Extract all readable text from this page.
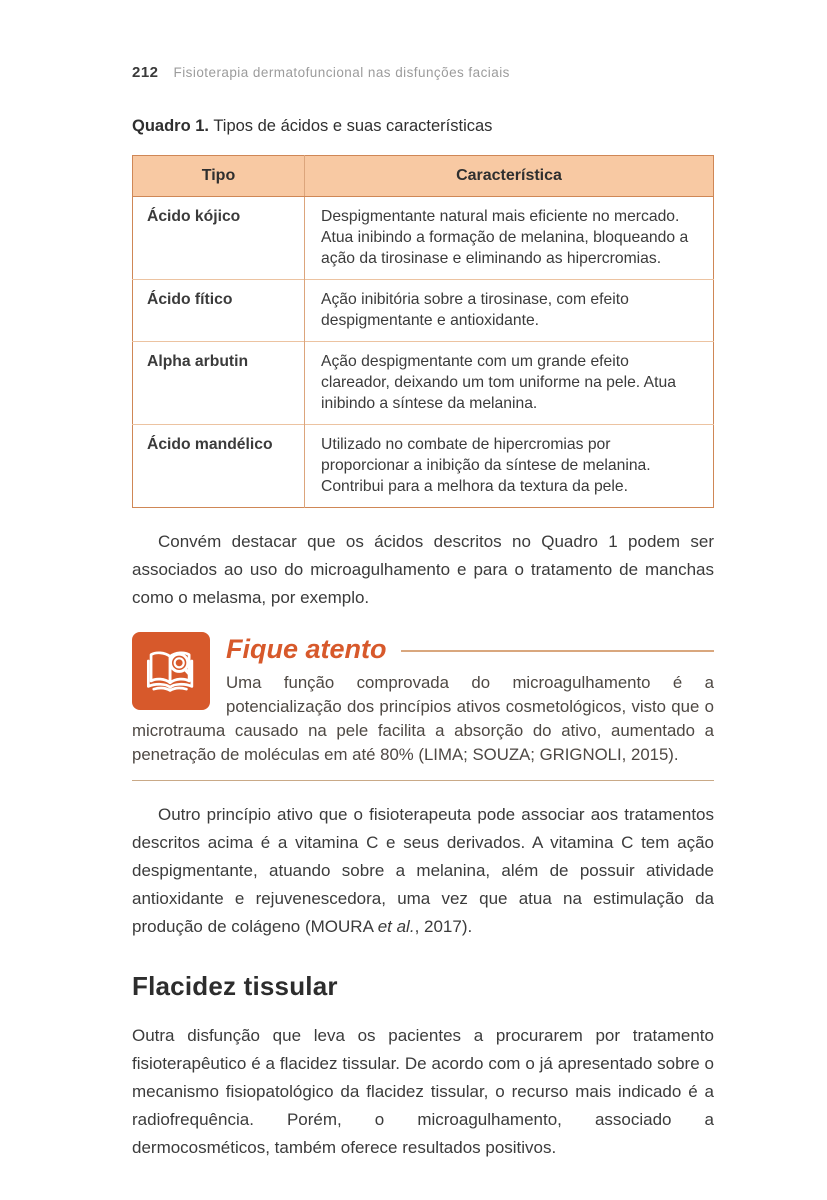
212 Fisioterapia dermatofuncional nas disfunções faciais
Quadro 1. Tipos de ácidos e suas características
Tipo	Característica
Ácido kójico	Despigmentante natural mais eficiente no mercado. Atua inibindo a formação de melanina, bloqueando a ação da tirosinase e eliminando as hipercromias.
Ácido fítico	Ação inibitória sobre a tirosinase, com efeito despigmentante e antioxidante.
Alpha arbutin	Ação despigmentante com um grande efeito clareador, deixando um tom uniforme na pele. Atua inibindo a síntese da melanina.
Ácido mandélico	Utilizado no combate de hipercromias por proporcionar a inibição da síntese de melanina. Contribui para a melhora da textura da pele.

Convém destacar que os ácidos descritos no Quadro 1 podem ser associados ao uso do microagulhamento e para o tratamento de manchas como o melasma, por exemplo.

Fique atento
Uma função comprovada do microagulhamento é a potencialização dos princípios ativos cosmetológicos, visto que o microtrauma causado na pele facilita a absorção do ativo, aumentado a penetração de moléculas em até 80% (LIMA; SOUZA; GRIGNOLI, 2015).

Outro princípio ativo que o fisioterapeuta pode associar aos tratamentos descritos acima é a vitamina C e seus derivados. A vitamina C tem ação despigmentante, atuando sobre a melanina, além de possuir atividade antioxidante e rejuvenescedora, uma vez que atua na estimulação da produção de colágeno (MOURA et al., 2017).

Flacidez tissular

Outra disfunção que leva os pacientes a procurarem por tratamento fisioterapêutico é a flacidez tissular. De acordo com o já apresentado sobre o mecanismo fisiopatológico da flacidez tissular, o recurso mais indicado é a radiofrequência. Porém, o microagulhamento, associado a dermocosméticos, também oferece resultados positivos.
